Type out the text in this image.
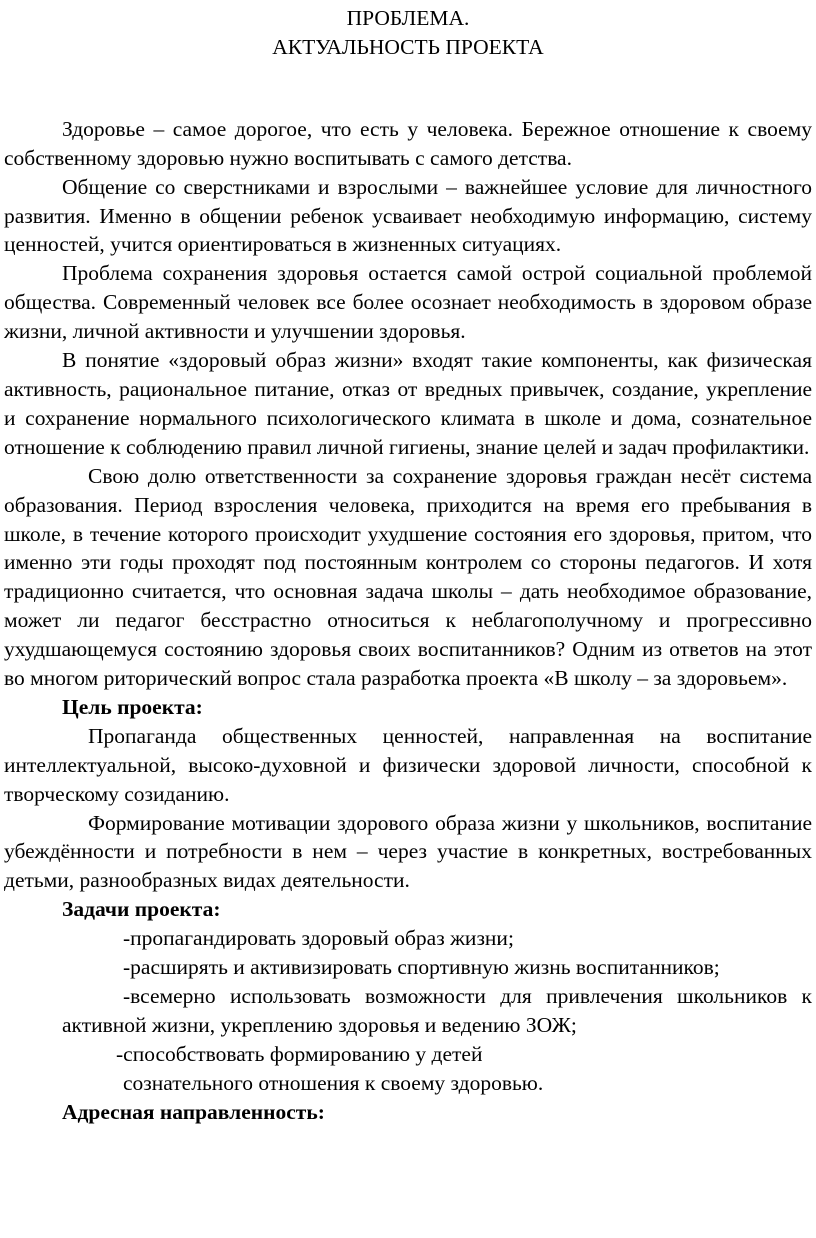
ПРОБЛЕМА.

АКТУАЛЬНОСТЬ ПРОЕКТА

Здоровье – самое дорогое, что есть у человека. Бережное отношение к своему собственному здоровью нужно воспитывать с самого детства.

Общение со сверстниками и взрослыми – важнейшее условие для личностного развития. Именно в общении ребенок усваивает необходимую информацию, систему ценностей, учится ориентироваться в жизненных ситуациях.

Проблема сохранения здоровья остается самой острой социальной проблемой общества. Современный человек все более осознает необходимость в здоровом образе жизни, личной активности и улучшении здоровья.

В понятие «здоровый образ жизни» входят такие компоненты, как физическая активность, рациональное питание, отказ от вредных привычек, создание, укрепление и сохранение нормального психологического климата в школе и дома, сознательное отношение к соблюдению правил личной гигиены, знание целей и задач профилактики.

Свою долю ответственности за сохранение здоровья граждан несёт система образования. Период взросления человека, приходится на время его пребывания в школе, в течение которого происходит ухудшение состояния его здоровья, притом, что именно эти годы проходят под постоянным контролем со стороны педагогов. И хотя традиционно считается, что основная задача школы – дать необходимое образование, может ли педагог бесстрастно относиться к неблагополучному и прогрессивно ухудшающемуся состоянию здоровья своих воспитанников? Одним из ответов на этот во многом риторический вопрос стала разработка проекта «В школу – за здоровьем».

Цель проекта:

Пропаганда общественных ценностей, направленная на воспитание интеллектуальной, высоко-духовной и физически здоровой личности, способной к творческому созиданию.

Формирование мотивации здорового образа жизни у школьников, воспитание убеждённости и потребности в нем – через участие в конкретных, востребованных детьми, разнообразных видах деятельности.

Задачи проекта:

-пропагандировать здоровый образ жизни;

-расширять и активизировать спортивную жизнь воспитанников;

-всемерно использовать возможности для привлечения школьников к активной жизни, укреплению здоровья и ведению ЗОЖ;

-способствовать формированию у детей

сознательного отношения к своему здоровью.

Адресная направленность:
